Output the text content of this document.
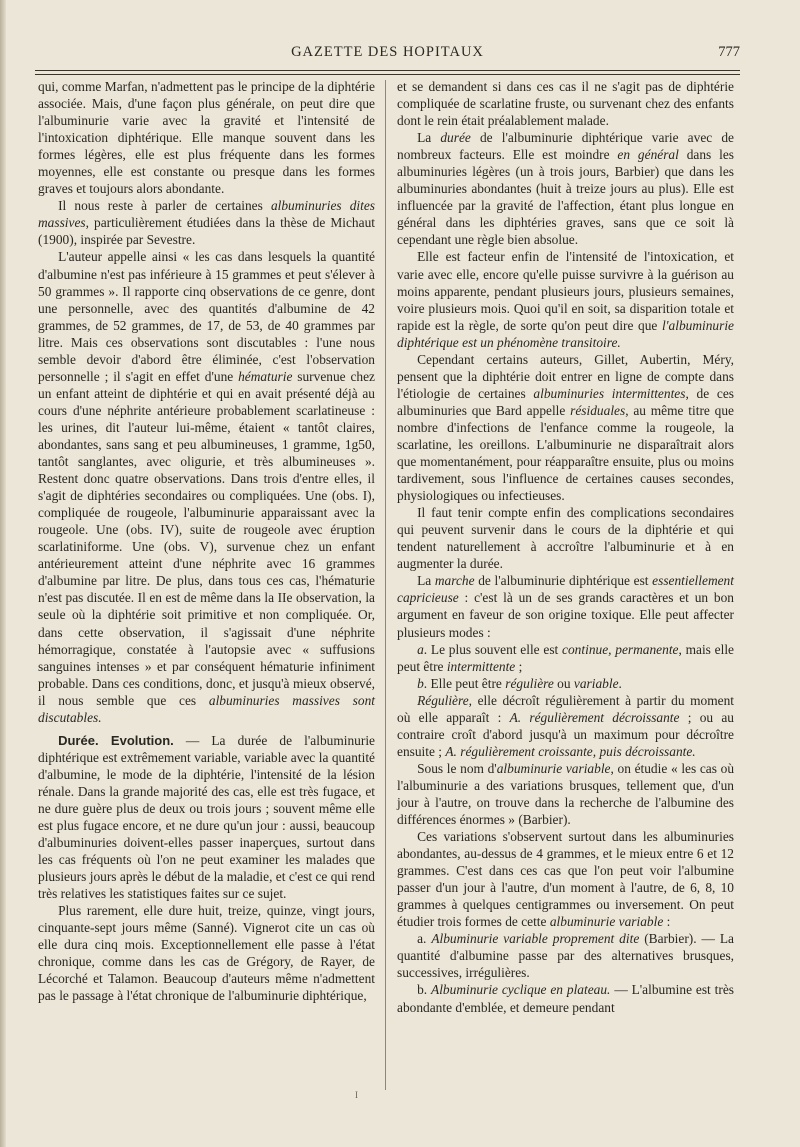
GAZETTE DES HOPITAUX	777

qui, comme Marfan, n'admettent pas le principe de la diphtérie associée. Mais, d'une façon plus générale, on peut dire que l'albuminurie varie avec la gravité et l'intensité de l'intoxication diphtérique. Elle manque souvent dans les formes légères, elle est plus fréquente dans les formes moyennes, elle est constante ou presque dans les formes graves et toujours alors abondante.

Il nous reste à parler de certaines albuminuries dites massives, particulièrement étudiées dans la thèse de Michaut (1900), inspirée par Sevestre.

L'auteur appelle ainsi « les cas dans lesquels la quantité d'albumine n'est pas inférieure à 15 grammes et peut s'élever à 50 grammes ». Il rapporte cinq observations de ce genre, dont une personnelle, avec des quantités d'albumine de 42 grammes, de 52 grammes, de 17, de 53, de 40 grammes par litre. Mais ces observations sont discutables : l'une nous semble devoir d'abord être éliminée, c'est l'observation personnelle ; il s'agit en effet d'une hématurie survenue chez un enfant atteint de diphtérie et qui en avait présenté déjà au cours d'une néphrite antérieure probablement scarlatineuse : les urines, dit l'auteur lui-même, étaient « tantôt claires, abondantes, sans sang et peu albumineuses, 1 gramme, 1g50, tantôt sanglantes, avec oligurie, et très albumineuses ». Restent donc quatre observations. Dans trois d'entre elles, il s'agit de diphtéries secondaires ou compliquées. Une (obs. I), compliquée de rougeole, l'albuminurie apparaissant avec la rougeole. Une (obs. IV), suite de rougeole avec éruption scarlatiniforme. Une (obs. V), survenue chez un enfant antérieurement atteint d'une néphrite avec 16 grammes d'albumine par litre. De plus, dans tous ces cas, l'hématurie n'est pas discutée. Il en est de même dans la IIe observation, la seule où la diphtérie soit primitive et non compliquée. Or, dans cette observation, il s'agissait d'une néphrite hémorragique, constatée à l'autopsie avec « suffusions sanguines intenses » et par conséquent hématurie infiniment probable. Dans ces conditions, donc, et jusqu'à mieux observé, il nous semble que ces albuminuries massives sont discutables.

Durée. Evolution. — La durée de l'albuminurie diphtérique est extrêmement variable, variable avec la quantité d'albumine, le mode de la diphtérie, l'intensité de la lésion rénale. Dans la grande majorité des cas, elle est très fugace, et ne dure guère plus de deux ou trois jours ; souvent même elle est plus fugace encore, et ne dure qu'un jour : aussi, beaucoup d'albuminuries doivent-elles passer inaperçues, surtout dans les cas fréquents où l'on ne peut examiner les malades que plusieurs jours après le début de la maladie, et c'est ce qui rend très relatives les statistiques faites sur ce sujet.

Plus rarement, elle dure huit, treize, quinze, vingt jours, cinquante-sept jours même (Sanné). Vignerot cite un cas où elle dura cinq mois. Exceptionnellement elle passe à l'état chronique, comme dans les cas de Grégory, de Rayer, de Lécorché et Talamon. Beaucoup d'auteurs même n'admettent pas le passage à l'état chronique de l'albuminurie diphtérique,

et se demandent si dans ces cas il ne s'agit pas de diphtérie compliquée de scarlatine fruste, ou survenant chez des enfants dont le rein était préalablement malade.

La durée de l'albuminurie diphtérique varie avec de nombreux facteurs. Elle est moindre en général dans les albuminuries légères (un à trois jours, Barbier) que dans les albuminuries abondantes (huit à treize jours au plus). Elle est influencée par la gravité de l'affection, étant plus longue en général dans les diphtéries graves, sans que ce soit là cependant une règle bien absolue.

Elle est facteur enfin de l'intensité de l'intoxication, et varie avec elle, encore qu'elle puisse survivre à la guérison au moins apparente, pendant plusieurs jours, plusieurs semaines, voire plusieurs mois. Quoi qu'il en soit, sa disparition totale et rapide est la règle, de sorte qu'on peut dire que l'albuminurie diphtérique est un phénomène transitoire.

Cependant certains auteurs, Gillet, Aubertin, Méry, pensent que la diphtérie doit entrer en ligne de compte dans l'étiologie de certaines albuminuries intermittentes, de ces albuminuries que Bard appelle résiduales, au même titre que nombre d'infections de l'enfance comme la rougeole, la scarlatine, les oreillons. L'albuminurie ne disparaîtrait alors que momentanément, pour réapparaître ensuite, plus ou moins tardivement, sous l'influence de certaines causes secondes, physiologiques ou infectieuses.

Il faut tenir compte enfin des complications secondaires qui peuvent survenir dans le cours de la diphtérie et qui tendent naturellement à accroître l'albuminurie et à en augmenter la durée.

La marche de l'albuminurie diphtérique est essentiellement capricieuse : c'est là un de ses grands caractères et un bon argument en faveur de son origine toxique. Elle peut affecter plusieurs modes :

a. Le plus souvent elle est continue, permanente, mais elle peut être intermittente ;

b. Elle peut être régulière ou variable.

Régulière, elle décroît régulièrement à partir du moment où elle apparaît : A. régulièrement décroissante ; ou au contraire croît d'abord jusqu'à un maximum pour décroître ensuite ; A. régulièrement croissante, puis décroissante.

Sous le nom d'albuminurie variable, on étudie « les cas où l'albuminurie a des variations brusques, tellement que, d'un jour à l'autre, on trouve dans la recherche de l'albumine des différences énormes » (Barbier).

Ces variations s'observent surtout dans les albuminuries abondantes, au-dessus de 4 grammes, et le mieux entre 6 et 12 grammes. C'est dans ces cas que l'on peut voir l'albumine passer d'un jour à l'autre, d'un moment à l'autre, de 6, 8, 10 grammes à quelques centigrammes ou inversement. On peut étudier trois formes de cette albuminurie variable :

a. Albuminurie variable proprement dite (Barbier). — La quantité d'albumine passe par des alternatives brusques, successives, irrégulières.

b. Albuminurie cyclique en plateau. — L'albumine est très abondante d'emblée, et demeure pendant

I
